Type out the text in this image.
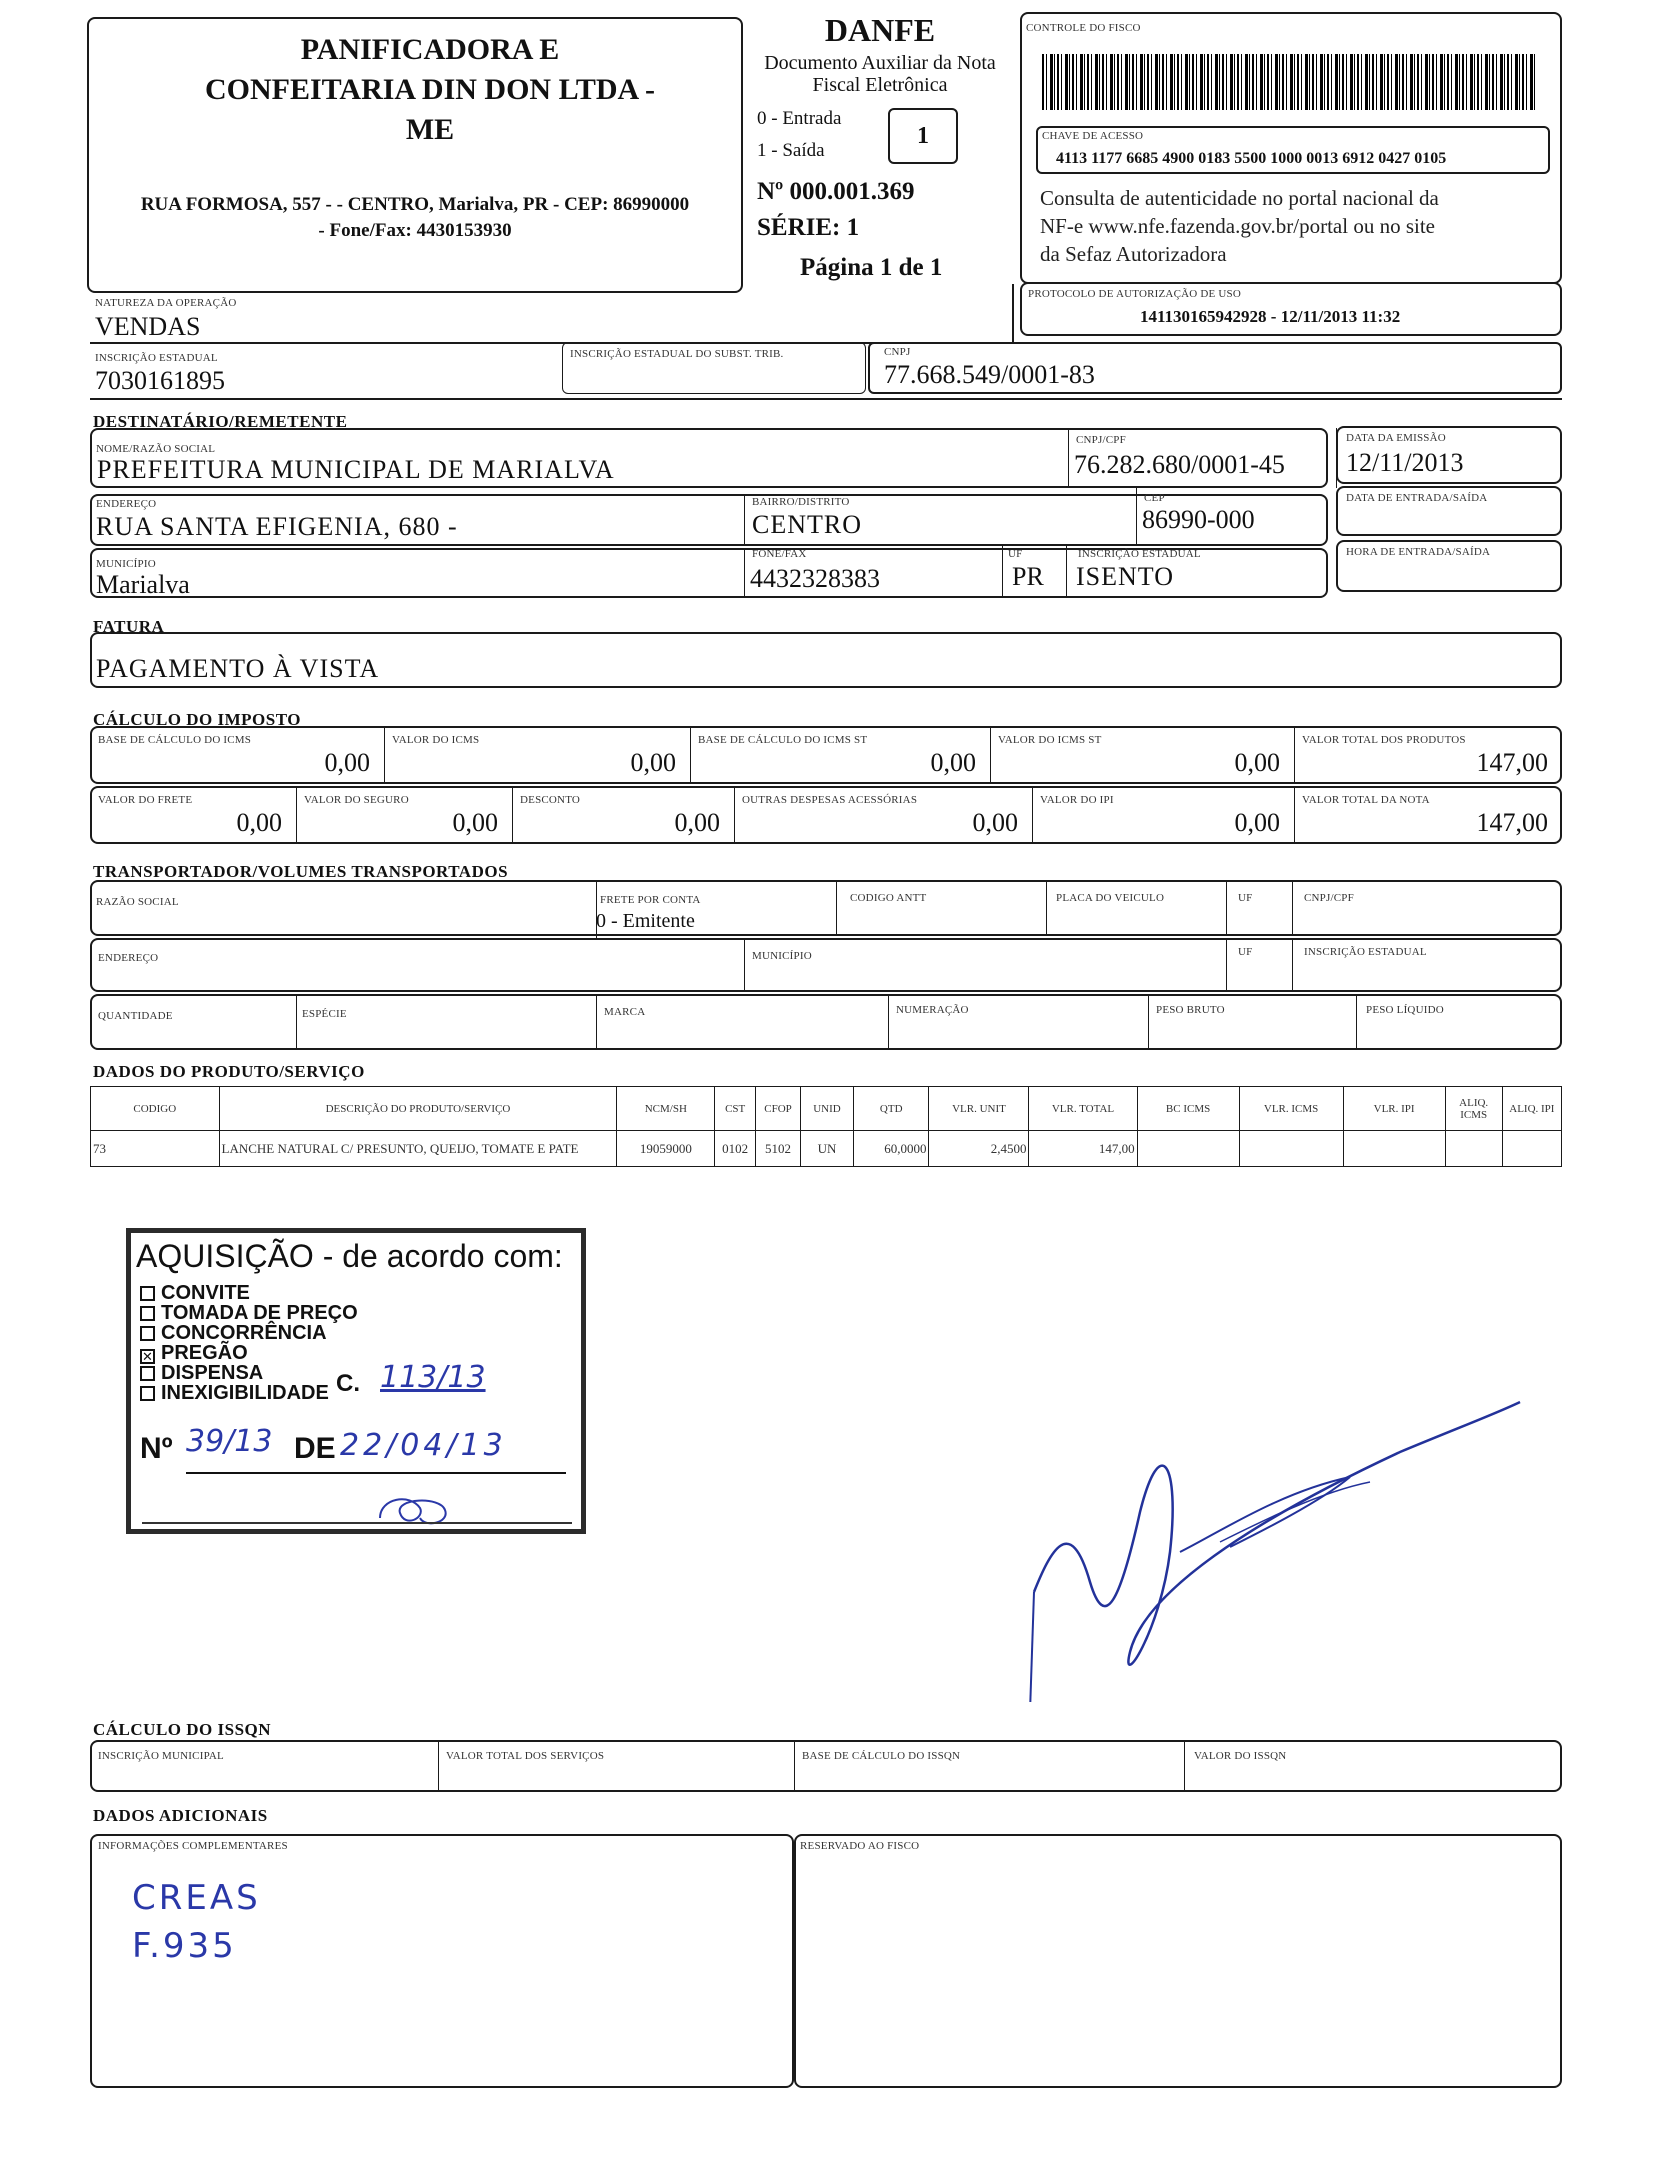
PANIFICADORA E
CONFEITARIA DIN DON LTDA -
ME
RUA FORMOSA, 557 - - CENTRO, Marialva, PR - CEP: 86990000
- Fone/Fax: 4430153930
DANFE
Documento Auxiliar da Nota
Fiscal Eletrônica
0 - Entrada
1 - Saída
1
Nº 000.001.369
SÉRIE: 1
Página 1 de 1
CONTROLE DO FISCO
CHAVE DE ACESSO
4113 1177 6685 4900 0183 5500 1000 0013 6912 0427 0105
Consulta de autenticidade no portal nacional da
NF-e www.nfe.fazenda.gov.br/portal ou no site
da Sefaz Autorizadora
NATUREZA DA OPERAÇÃO
VENDAS
PROTOCOLO DE AUTORIZAÇÃO DE USO
141130165942928 - 12/11/2013 11:32
INSCRIÇÃO ESTADUAL
7030161895
INSCRIÇÃO ESTADUAL DO SUBST. TRIB.	CNPJ
77.668.549/0001-83
DESTINATÁRIO/REMETENTE
NOME/RAZÃO SOCIAL
PREFEITURA MUNICIPAL DE MARIALVA
CNPJ/CPF
76.282.680/0001-45
DATA DA EMISSÃO
12/11/2013
ENDEREÇO
RUA SANTA EFIGENIA, 680 -
BAIRRO/DISTRITO
CENTRO
CEP
86990-000
DATA DE ENTRADA/SAÍDA
MUNICÍPIO
Marialva
FONE/FAX
4432328383
UF
PR
INSCRIÇÃO ESTADUAL
ISENTO
HORA DE ENTRADA/SAÍDA
FATURA
PAGAMENTO À VISTA
CÁLCULO DO IMPOSTO
BASE DE CÁLCULO DO ICMS
0,00
VALOR DO ICMS
0,00
BASE DE CÁLCULO DO ICMS ST
0,00
VALOR DO ICMS ST
0,00
VALOR TOTAL DOS PRODUTOS
147,00
VALOR DO FRETE
0,00
VALOR DO SEGURO
0,00
DESCONTO
0,00
OUTRAS DESPESAS ACESSÓRIAS
0,00
VALOR DO IPI
0,00
VALOR TOTAL DA NOTA
147,00
TRANSPORTADOR/VOLUMES TRANSPORTADOS
RAZÃO SOCIAL	FRETE POR CONTA
0 - Emitente
CODIGO ANTT	PLACA DO VEICULO	UF	CNPJ/CPF
ENDEREÇO	MUNICÍPIO	UF	INSCRIÇÃO ESTADUAL
QUANTIDADE	ESPÉCIE	MARCA	NUMERAÇÃO	PESO BRUTO	PESO LÍQUIDO
DADOS DO PRODUTO/SERVIÇO
CODIGO	DESCRIÇÃO DO PRODUTO/SERVIÇO	NCM/SH	CST	CFOP	UNID	QTD	VLR. UNIT	VLR. TOTAL	BC ICMS	VLR. ICMS	VLR. IPI	ALIQ. ICMS	ALIQ. IPI
73	LANCHE NATURAL C/ PRESUNTO, QUEIJO, TOMATE E PATE	19059000	0102	5102	UN	60,0000	2,4500	147,00					
AQUISIÇÃO - de acordo com:
CONVITE
TOMADA DE PREÇO
CONCORRÊNCIA
✕ PREGÃO
DISPENSA
INEXIGIBILIDADE C. 113/13
Nº 39/13 DE 22/04/13
CÁLCULO DO ISSQN
INSCRIÇÃO MUNICIPAL	VALOR TOTAL DOS SERVIÇOS	BASE DE CÁLCULO DO ISSQN	VALOR DO ISSQN
DADOS ADICIONAIS
INFORMAÇÕES COMPLEMENTARES
CREAS
F.935
RESERVADO AO FISCO
